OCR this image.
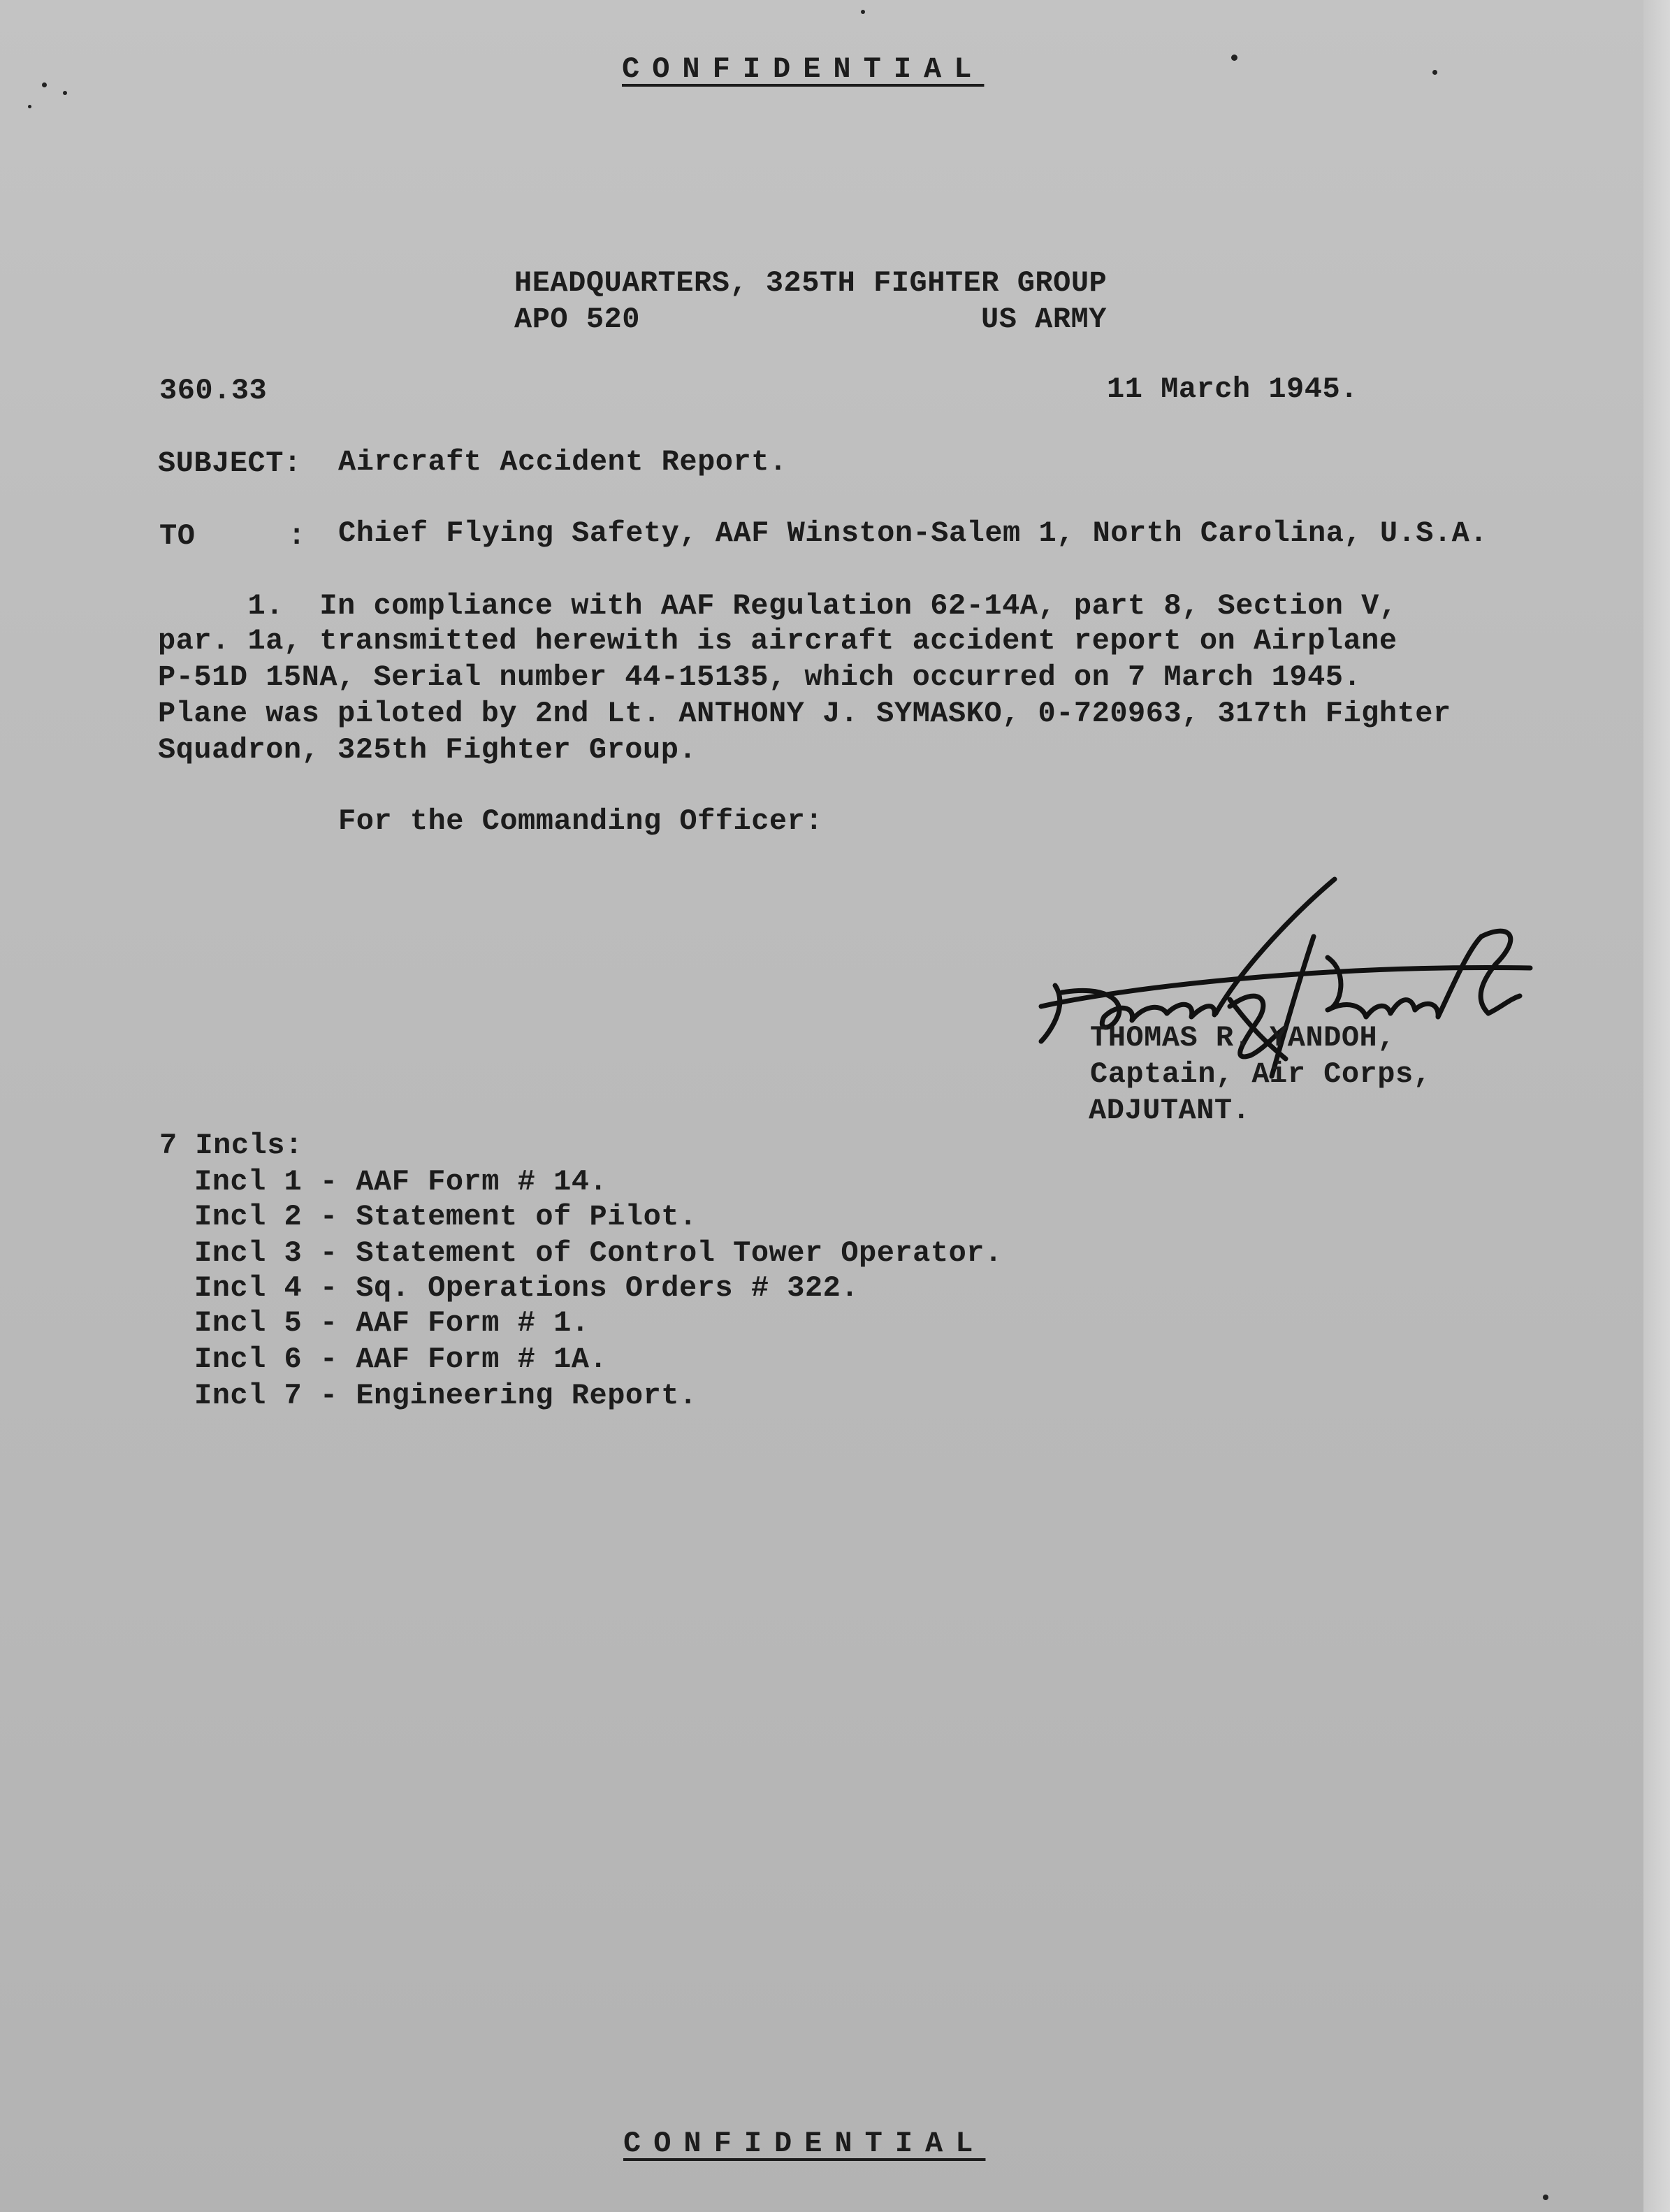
CONFIDENTIAL
HEADQUARTERS, 325TH FIGHTER GROUP
APO 520	US ARMY
360.33	11 March 1945.
SUBJECT: Aircraft Accident Report.
TO	: Chief Flying Safety, AAF Winston-Salem 1, North Carolina, U.S.A.
1.  In compliance with AAF Regulation 62-14A, part 8, Section V,
par. 1a, transmitted herewith is aircraft accident report on Airplane
P-51D 15NA, Serial number 44-15135, which occurred on 7 March 1945.
Plane was piloted by 2nd Lt. ANTHONY J. SYMASKO, 0-720963, 317th Fighter
Squadron, 325th Fighter Group.
For the Commanding Officer:
THOMAS R. YANDOH,
Captain, Air Corps,
ADJUTANT.
7 Incls:
Incl 1 - AAF Form # 14.
Incl 2 - Statement of Pilot.
Incl 3 - Statement of Control Tower Operator.
Incl 4 - Sq. Operations Orders # 322.
Incl 5 - AAF Form # 1.
Incl 6 - AAF Form # 1A.
Incl 7 - Engineering Report.
CONFIDENTIAL
